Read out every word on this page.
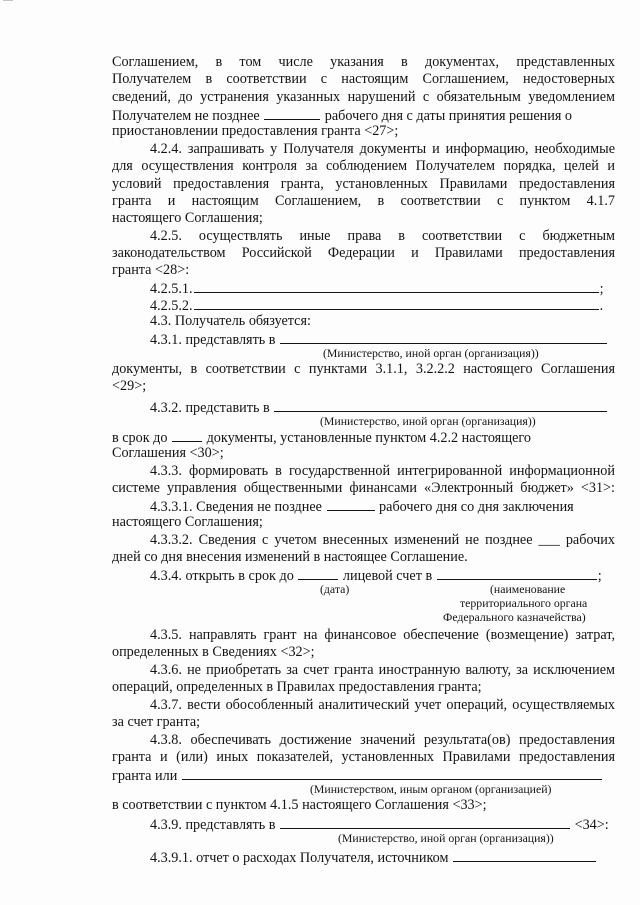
Соглашением, в том числе указания в документах, представленных
Получателем в соответствии с настоящим Соглашением, недостоверных
сведений, до устранения указанных нарушений с обязательным уведомлением
Получателем не позднее	рабочего дня с даты принятия решения о
приостановлении предоставления гранта <27>;
4.2.4. запрашивать у Получателя документы и информацию, необходимые
для осуществления контроля за соблюдением Получателем порядка, целей и
условий предоставления гранта, установленных Правилами предоставления
гранта и настоящим Соглашением, в соответствии с пунктом 4.1.7
настоящего Соглашения;
4.2.5. осуществлять иные права в соответствии с бюджетным
законодательством Российской Федерации и Правилами предоставления
гранта <28>:
4.2.5.1.	;
4.2.5.2.	.
4.3. Получатель обязуется:
4.3.1. представлять в
(Министерство, иной орган (организация))
документы, в соответствии с пунктами 3.1.1, 3.2.2.2 настоящего Соглашения
<29>;
4.3.2. представить в
(Министерство, иной орган (организация))
в срок до	документы, установленные пунктом 4.2.2 настоящего
Соглашения <30>;
4.3.3. формировать в государственной интегрированной информационной
системе управления общественными финансами «Электронный бюджет» <31>:
4.3.3.1. Сведения не позднее	рабочего дня со дня заключения
настоящего Соглашения;
4.3.3.2. Сведения с учетом внесенных изменений не позднее ___ рабочих
дней со дня внесения изменений в настоящее Соглашение.
4.3.4. открыть в срок до	лицевой счет в	;
(дата)	(наименование
территориального органа
Федерального казначейства)
4.3.5. направлять грант на финансовое обеспечение (возмещение) затрат,
определенных в Сведениях <32>;
4.3.6. не приобретать за счет гранта иностранную валюту, за исключением
операций, определенных в Правилах предоставления гранта;
4.3.7. вести обособленный аналитический учет операций, осуществляемых
за счет гранта;
4.3.8. обеспечивать достижение значений результата(ов) предоставления
гранта и (или) иных показателей, установленных Правилами предоставления
гранта или
(Министерством, иным органом (организацией)
в соответствии с пунктом 4.1.5 настоящего Соглашения <33>;
4.3.9. представлять в	<34>:
(Министерство, иной орган (организация))
4.3.9.1. отчет о расходах Получателя, источником
